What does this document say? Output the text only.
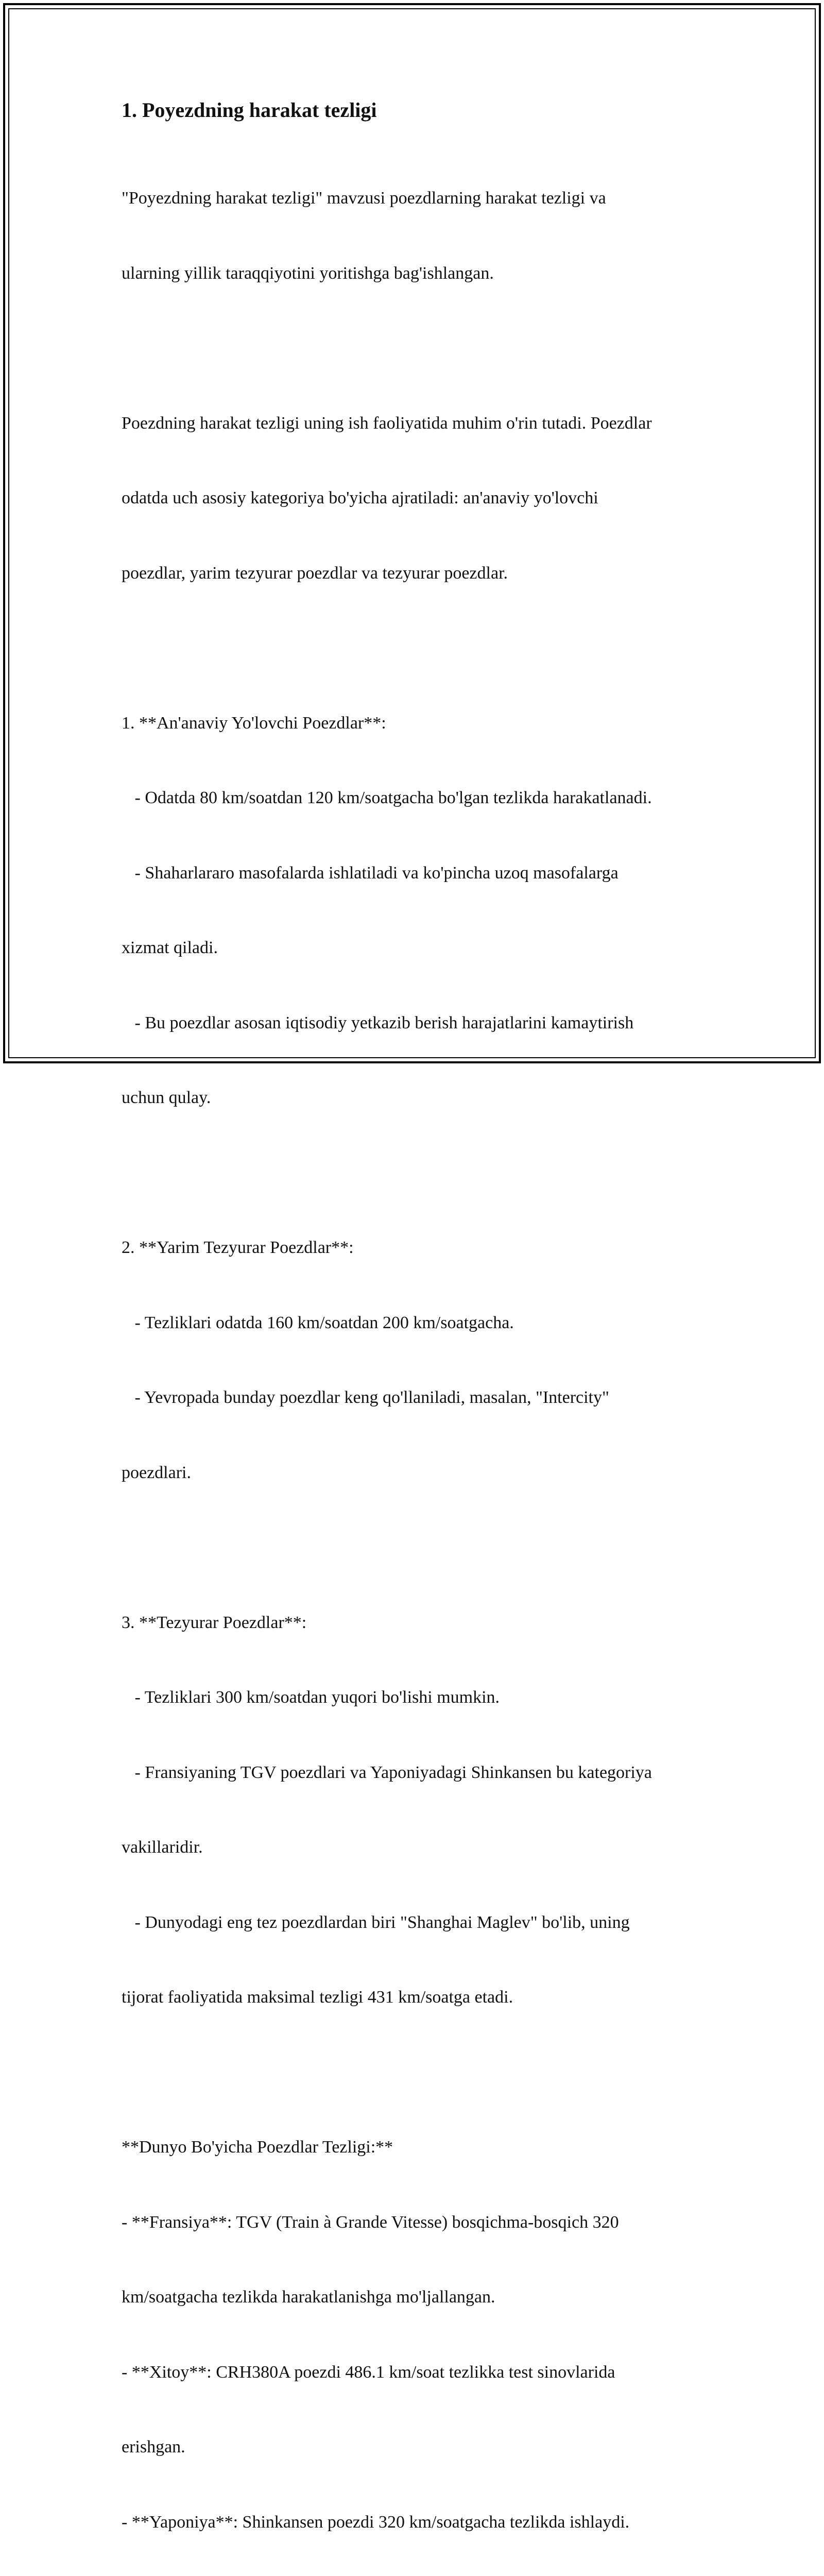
1. Poyezdning harakat tezligi

"Poyezdning harakat tezligi" mavzusi poezdlarning harakat tezligi va

ularning yillik taraqqiyotini yoritishga bag'ishlangan.

Poezdning harakat tezligi uning ish faoliyatida muhim o'rin tutadi. Poezdlar

odatda uch asosiy kategoriya bo'yicha ajratiladi: an'anaviy yo'lovchi

poezdlar, yarim tezyurar poezdlar va tezyurar poezdlar.

1. **An'anaviy Yo'lovchi Poezdlar**:

- Odatda 80 km/soatdan 120 km/soatgacha bo'lgan tezlikda harakatlanadi.

- Shaharlararo masofalarda ishlatiladi va ko'pincha uzoq masofalarga

xizmat qiladi.

- Bu poezdlar asosan iqtisodiy yetkazib berish harajatlarini kamaytirish

uchun qulay.

2. **Yarim Tezyurar Poezdlar**:

- Tezliklari odatda 160 km/soatdan 200 km/soatgacha.

- Yevropada bunday poezdlar keng qo'llaniladi, masalan, "Intercity"

poezdlari.

3. **Tezyurar Poezdlar**:

- Tezliklari 300 km/soatdan yuqori bo'lishi mumkin.

- Fransiyaning TGV poezdlari va Yaponiyadagi Shinkansen bu kategoriya

vakillaridir.

- Dunyodagi eng tez poezdlardan biri "Shanghai Maglev" bo'lib, uning

tijorat faoliyatida maksimal tezligi 431 km/soatga etadi.

**Dunyo Bo'yicha Poezdlar Tezligi:**

- **Fransiya**: TGV (Train à Grande Vitesse) bosqichma-bosqich 320

km/soatgacha tezlikda harakatlanishga mo'ljallangan.

- **Xitoy**: CRH380A poezdi 486.1 km/soat tezlikka test sinovlarida

erishgan.

- **Yaponiya**: Shinkansen poezdi 320 km/soatgacha tezlikda ishlaydi.
